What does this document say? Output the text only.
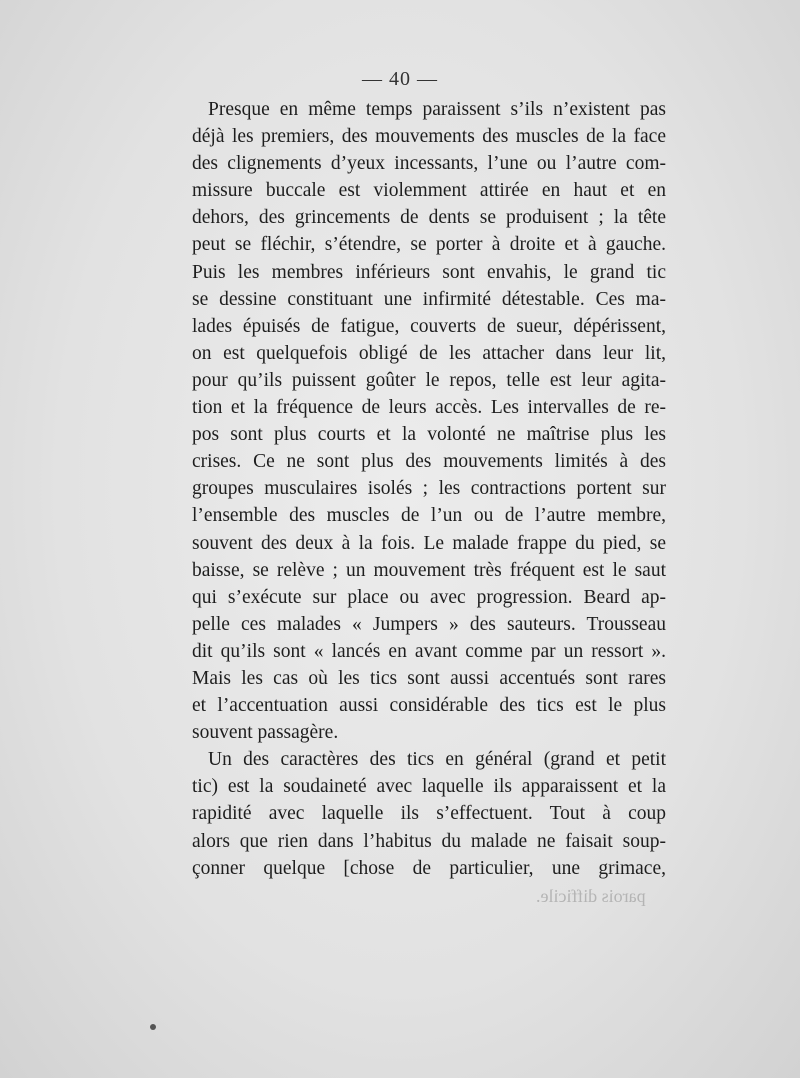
— 40 —
Presque en même temps paraissent s’ils n’existent pas
déjà les premiers, des mouvements des muscles de la face
des clignements d’yeux incessants, l’une ou l’autre com-
missure buccale est violemment attirée en haut et en
dehors, des grincements de dents se produisent ; la tête
peut se fléchir, s’étendre, se porter à droite et à gauche.
Puis les membres inférieurs sont envahis, le grand tic
se dessine constituant une infirmité détestable. Ces ma-
lades épuisés de fatigue, couverts de sueur, dépérissent,
on est quelquefois obligé de les attacher dans leur lit,
pour qu’ils puissent goûter le repos, telle est leur agita-
tion et la fréquence de leurs accès. Les intervalles de re-
pos sont plus courts et la volonté ne maîtrise plus les
crises. Ce ne sont plus des mouvements limités à des
groupes musculaires isolés ; les contractions portent sur
l’ensemble des muscles de l’un ou de l’autre membre,
souvent des deux à la fois. Le malade frappe du pied, se
baisse, se relève ; un mouvement très fréquent est le saut
qui s’exécute sur place ou avec progression. Beard ap-
pelle ces malades « Jumpers » des sauteurs. Trousseau
dit qu’ils sont « lancés en avant comme par un ressort ».
Mais les cas où les tics sont aussi accentués sont rares
et l’accentuation aussi considérable des tics est le plus
souvent passagère.
Un des caractères des tics en général (grand et petit
tic) est la soudaineté avec laquelle ils apparaissent et la
rapidité avec laquelle ils s’effectuent. Tout à coup
alors que rien dans l’habitus du malade ne faisait soup-
çonner quelque [chose de particulier, une grimace,
parois difficile.
